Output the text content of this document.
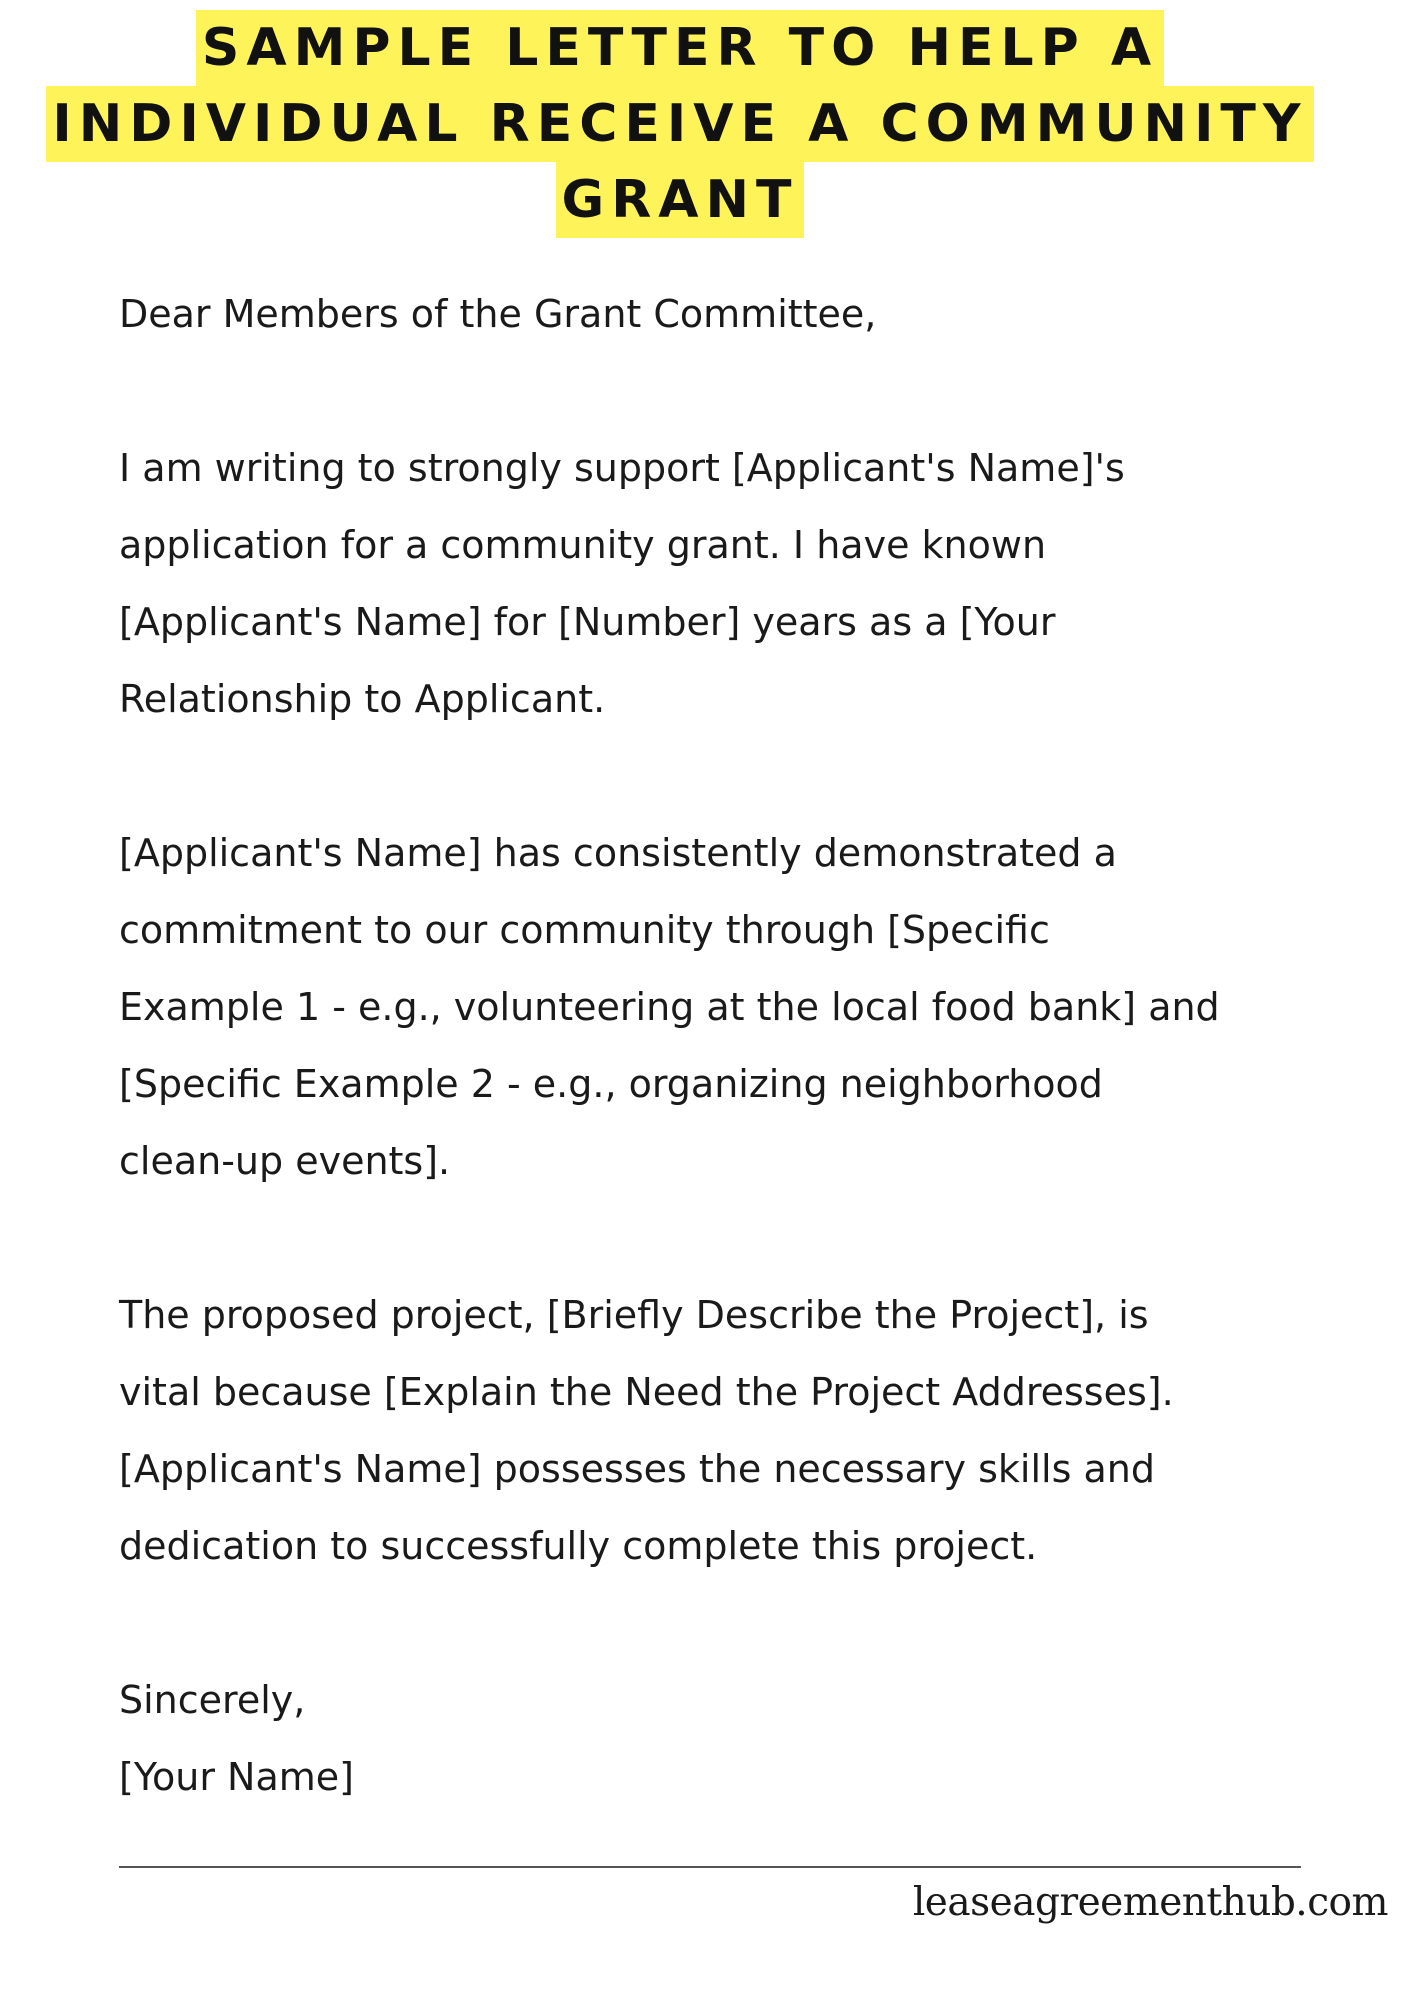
SAMPLE LETTER TO HELP A
INDIVIDUAL RECEIVE A COMMUNITY
GRANT

Dear Members of the Grant Committee,

I am writing to strongly support [Applicant's Name]'s

application for a community grant. I have known

[Applicant's Name] for [Number] years as a [Your

Relationship to Applicant.

[Applicant's Name] has consistently demonstrated a

commitment to our community through [Specific

Example 1 - e.g., volunteering at the local food bank] and

[Specific Example 2 - e.g., organizing neighborhood

clean-up events].

The proposed project, [Briefly Describe the Project], is

vital because [Explain the Need the Project Addresses].

[Applicant's Name] possesses the necessary skills and

dedication to successfully complete this project.

Sincerely,

[Your Name]

leaseagreementhub.com
